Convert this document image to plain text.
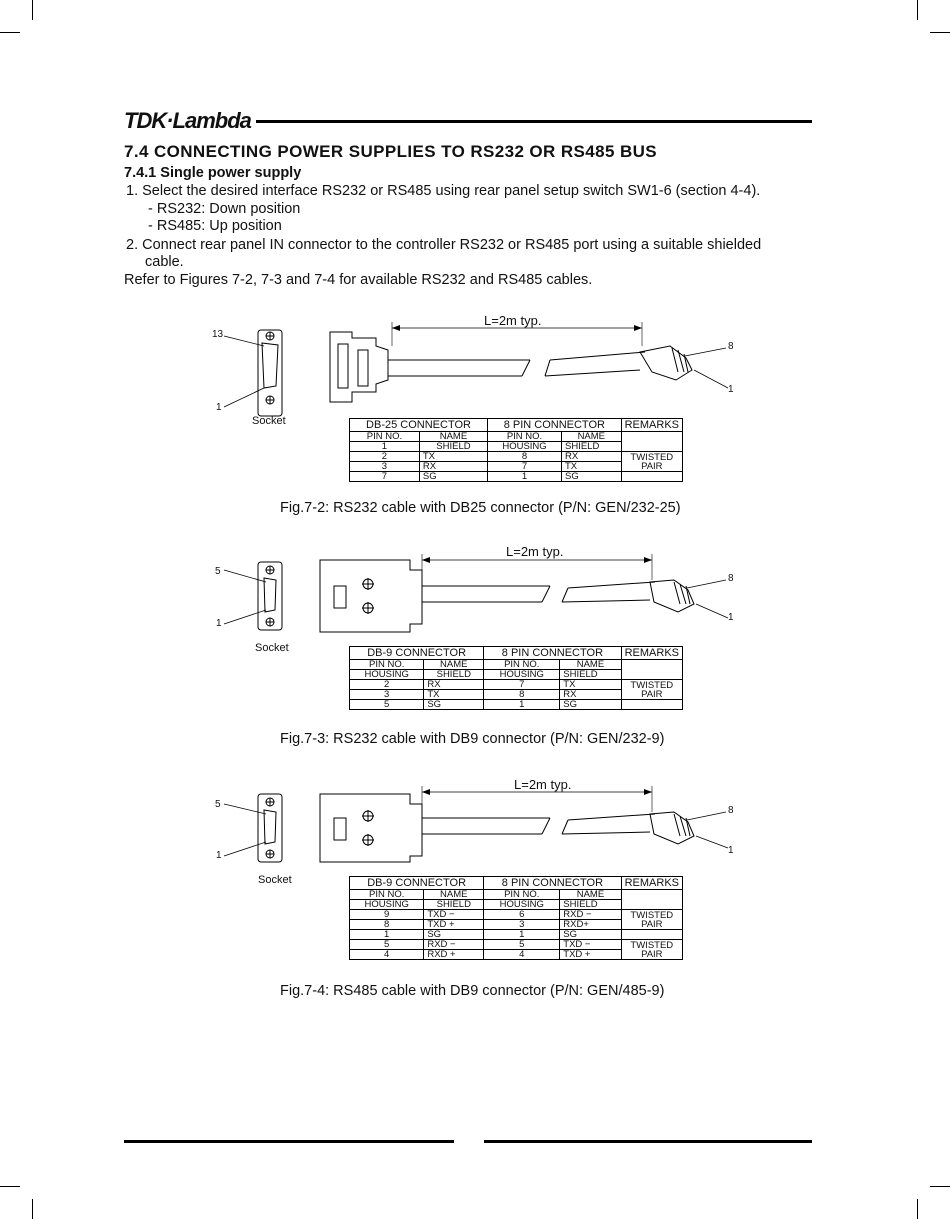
TDK·Lambda
7.4 CONNECTING POWER SUPPLIES TO RS232 OR RS485 BUS
7.4.1 Single power supply
1. Select the desired interface RS232 or RS485 using rear panel setup switch SW1-6 (section 4-4).
- RS232: Down position
- RS485: Up position
2. Connect rear panel IN connector to the controller RS232 or RS485 port using a suitable shielded
cable.
Refer to Figures 7-2, 7-3 and 7-4 for available RS232 and RS485 cables.
13
1
8
1
L=2m typ.
Socket	DB-25 CONNECTOR		8 PIN CONNECTOR		REMARKS
PIN NO.	NAME	PIN NO.	NAME	
1	SHIELD	HOUSING	SHIELD	
2	TX	8	RX	TWISTED PAIR
3	RX	7	TX	
7	SG	1	SG	
Fig.7-2: RS232 cable with DB25 connector (P/N: GEN/232-25)
5
1
8
1
L=2m typ.
Socket	DB-9 CONNECTOR		8 PIN CONNECTOR		REMARKS
PIN NO.	NAME	PIN NO.	NAME	
HOUSING	SHIELD	HOUSING	SHIELD	
2	RX	7	TX	TWISTED PAIR
3	TX	8	RX	
5	SG	1	SG	
Fig.7-3: RS232 cable with DB9 connector (P/N: GEN/232-9)
5
1
8
1
L=2m typ.
Socket	DB-9 CONNECTOR		8 PIN CONNECTOR		REMARKS
PIN NO.	NAME	PIN NO.	NAME	
HOUSING	SHIELD	HOUSING	SHIELD	
9	TXD −	6	RXD −	TWISTED PAIR
8	TXD +	3	RXD+	
1	SG	1	SG	
5	RXD −	5	TXD −	TWISTED PAIR
4	RXD +	4	TXD +	
Fig.7-4: RS485 cable with DB9 connector (P/N: GEN/485-9)
